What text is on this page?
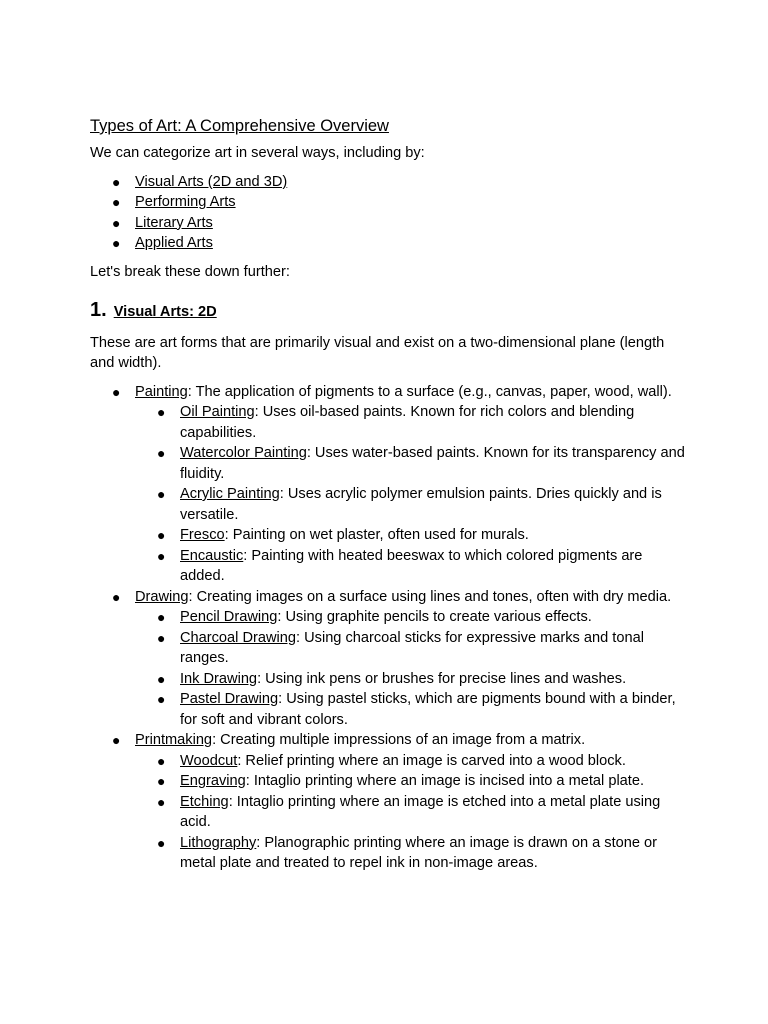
Types of Art: A Comprehensive Overview

We can categorize art in several ways, including by:

● Visual Arts (2D and 3D)
● Performing Arts
● Literary Arts
● Applied Arts

Let's break these down further:

1. Visual Arts: 2D

These are art forms that are primarily visual and exist on a two-dimensional plane (length and width).

● Painting: The application of pigments to a surface (e.g., canvas, paper, wood, wall).
● Oil Painting: Uses oil-based paints. Known for rich colors and blending capabilities.
● Watercolor Painting: Uses water-based paints. Known for its transparency and fluidity.
● Acrylic Painting: Uses acrylic polymer emulsion paints. Dries quickly and is versatile.
● Fresco: Painting on wet plaster, often used for murals.
● Encaustic: Painting with heated beeswax to which colored pigments are added.
● Drawing: Creating images on a surface using lines and tones, often with dry media.
● Pencil Drawing: Using graphite pencils to create various effects.
● Charcoal Drawing: Using charcoal sticks for expressive marks and tonal ranges.
● Ink Drawing: Using ink pens or brushes for precise lines and washes.
● Pastel Drawing: Using pastel sticks, which are pigments bound with a binder, for soft and vibrant colors.
● Printmaking: Creating multiple impressions of an image from a matrix.
● Woodcut: Relief printing where an image is carved into a wood block.
● Engraving: Intaglio printing where an image is incised into a metal plate.
● Etching: Intaglio printing where an image is etched into a metal plate using acid.
● Lithography: Planographic printing where an image is drawn on a stone or metal plate and treated to repel ink in non-image areas.
